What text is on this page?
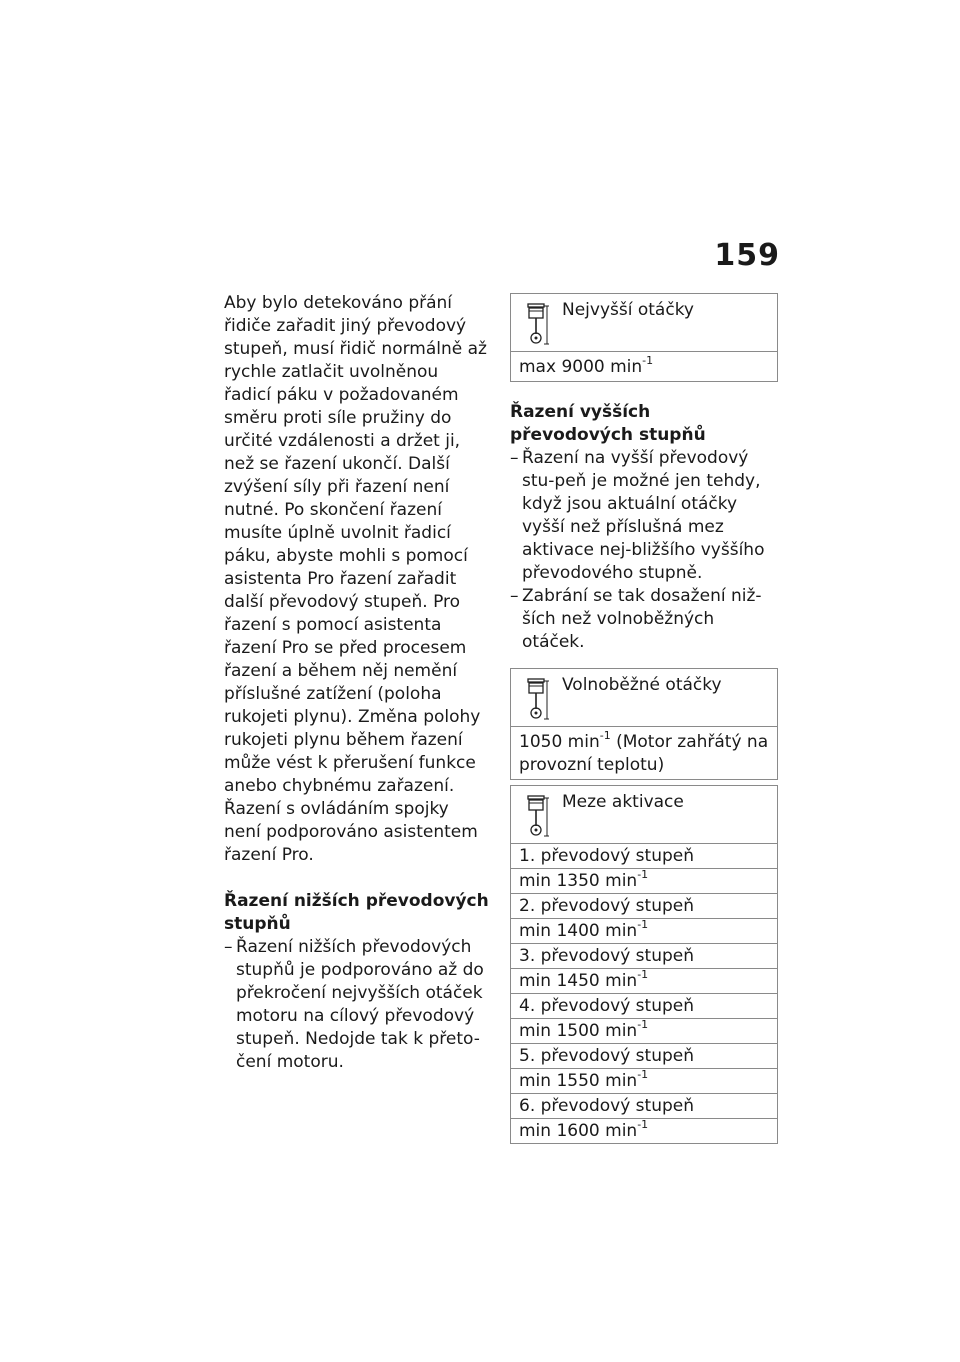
159

Aby bylo detekováno přání řidiče zařadit jiný převodový stupeň, musí řidič normálně až rychle zatlačit uvolněnou řadicí páku v požadovaném směru proti síle pružiny do určité vzdálenosti a držet ji, než se řazení ukončí. Další zvýšení síly při řazení není nutné. Po skončení řazení musíte úplně uvolnit řadicí páku, abyste mohli s pomocí asistenta Pro řazení zařadit další převodový stupeň. Pro řazení s pomocí asistenta řazení Pro se před procesem řazení a během něj nemění příslušné zatížení (poloha rukojeti plynu). Změna polohy rukojeti plynu během řazení může vést k přerušení funkce anebo chybnému zařazení. Řazení s ovládáním spojky není podporováno asistentem řazení Pro.

Řazení nižších převodových stupňů

– Řazení nižších převodových stupňů je podporováno až do překročení nejvyšších otáček motoru na cílový převodový stupeň. Nedojde tak k přeto-čení motoru.
Nejvyšší otáčky
max 9000 $\min^{-1}$

Řazení vyšších převodových stupňů

– Řazení na vyšší převodový stu-peň je možné jen tehdy, když jsou aktuální otáčky vyšší než příslušná mez aktivace nej-bližšího vyššího převodového stupně.
– Zabrání se tak dosažení niž-ších než volnoběžných otáček.
Volnoběžné otáčky
1050 $\min^{-1}$ (Motor zahřátý na provozní teplotu)
Meze aktivace
1. převodový stupeň
min 1350 $\min^{-1}$
2. převodový stupeň
min 1400 $\min^{-1}$
3. převodový stupeň
min 1450 $\min^{-1}$
4. převodový stupeň
min 1500 $\min^{-1}$
5. převodový stupeň
min 1550 $\min^{-1}$
6. převodový stupeň
min 1600 $\min^{-1}$
